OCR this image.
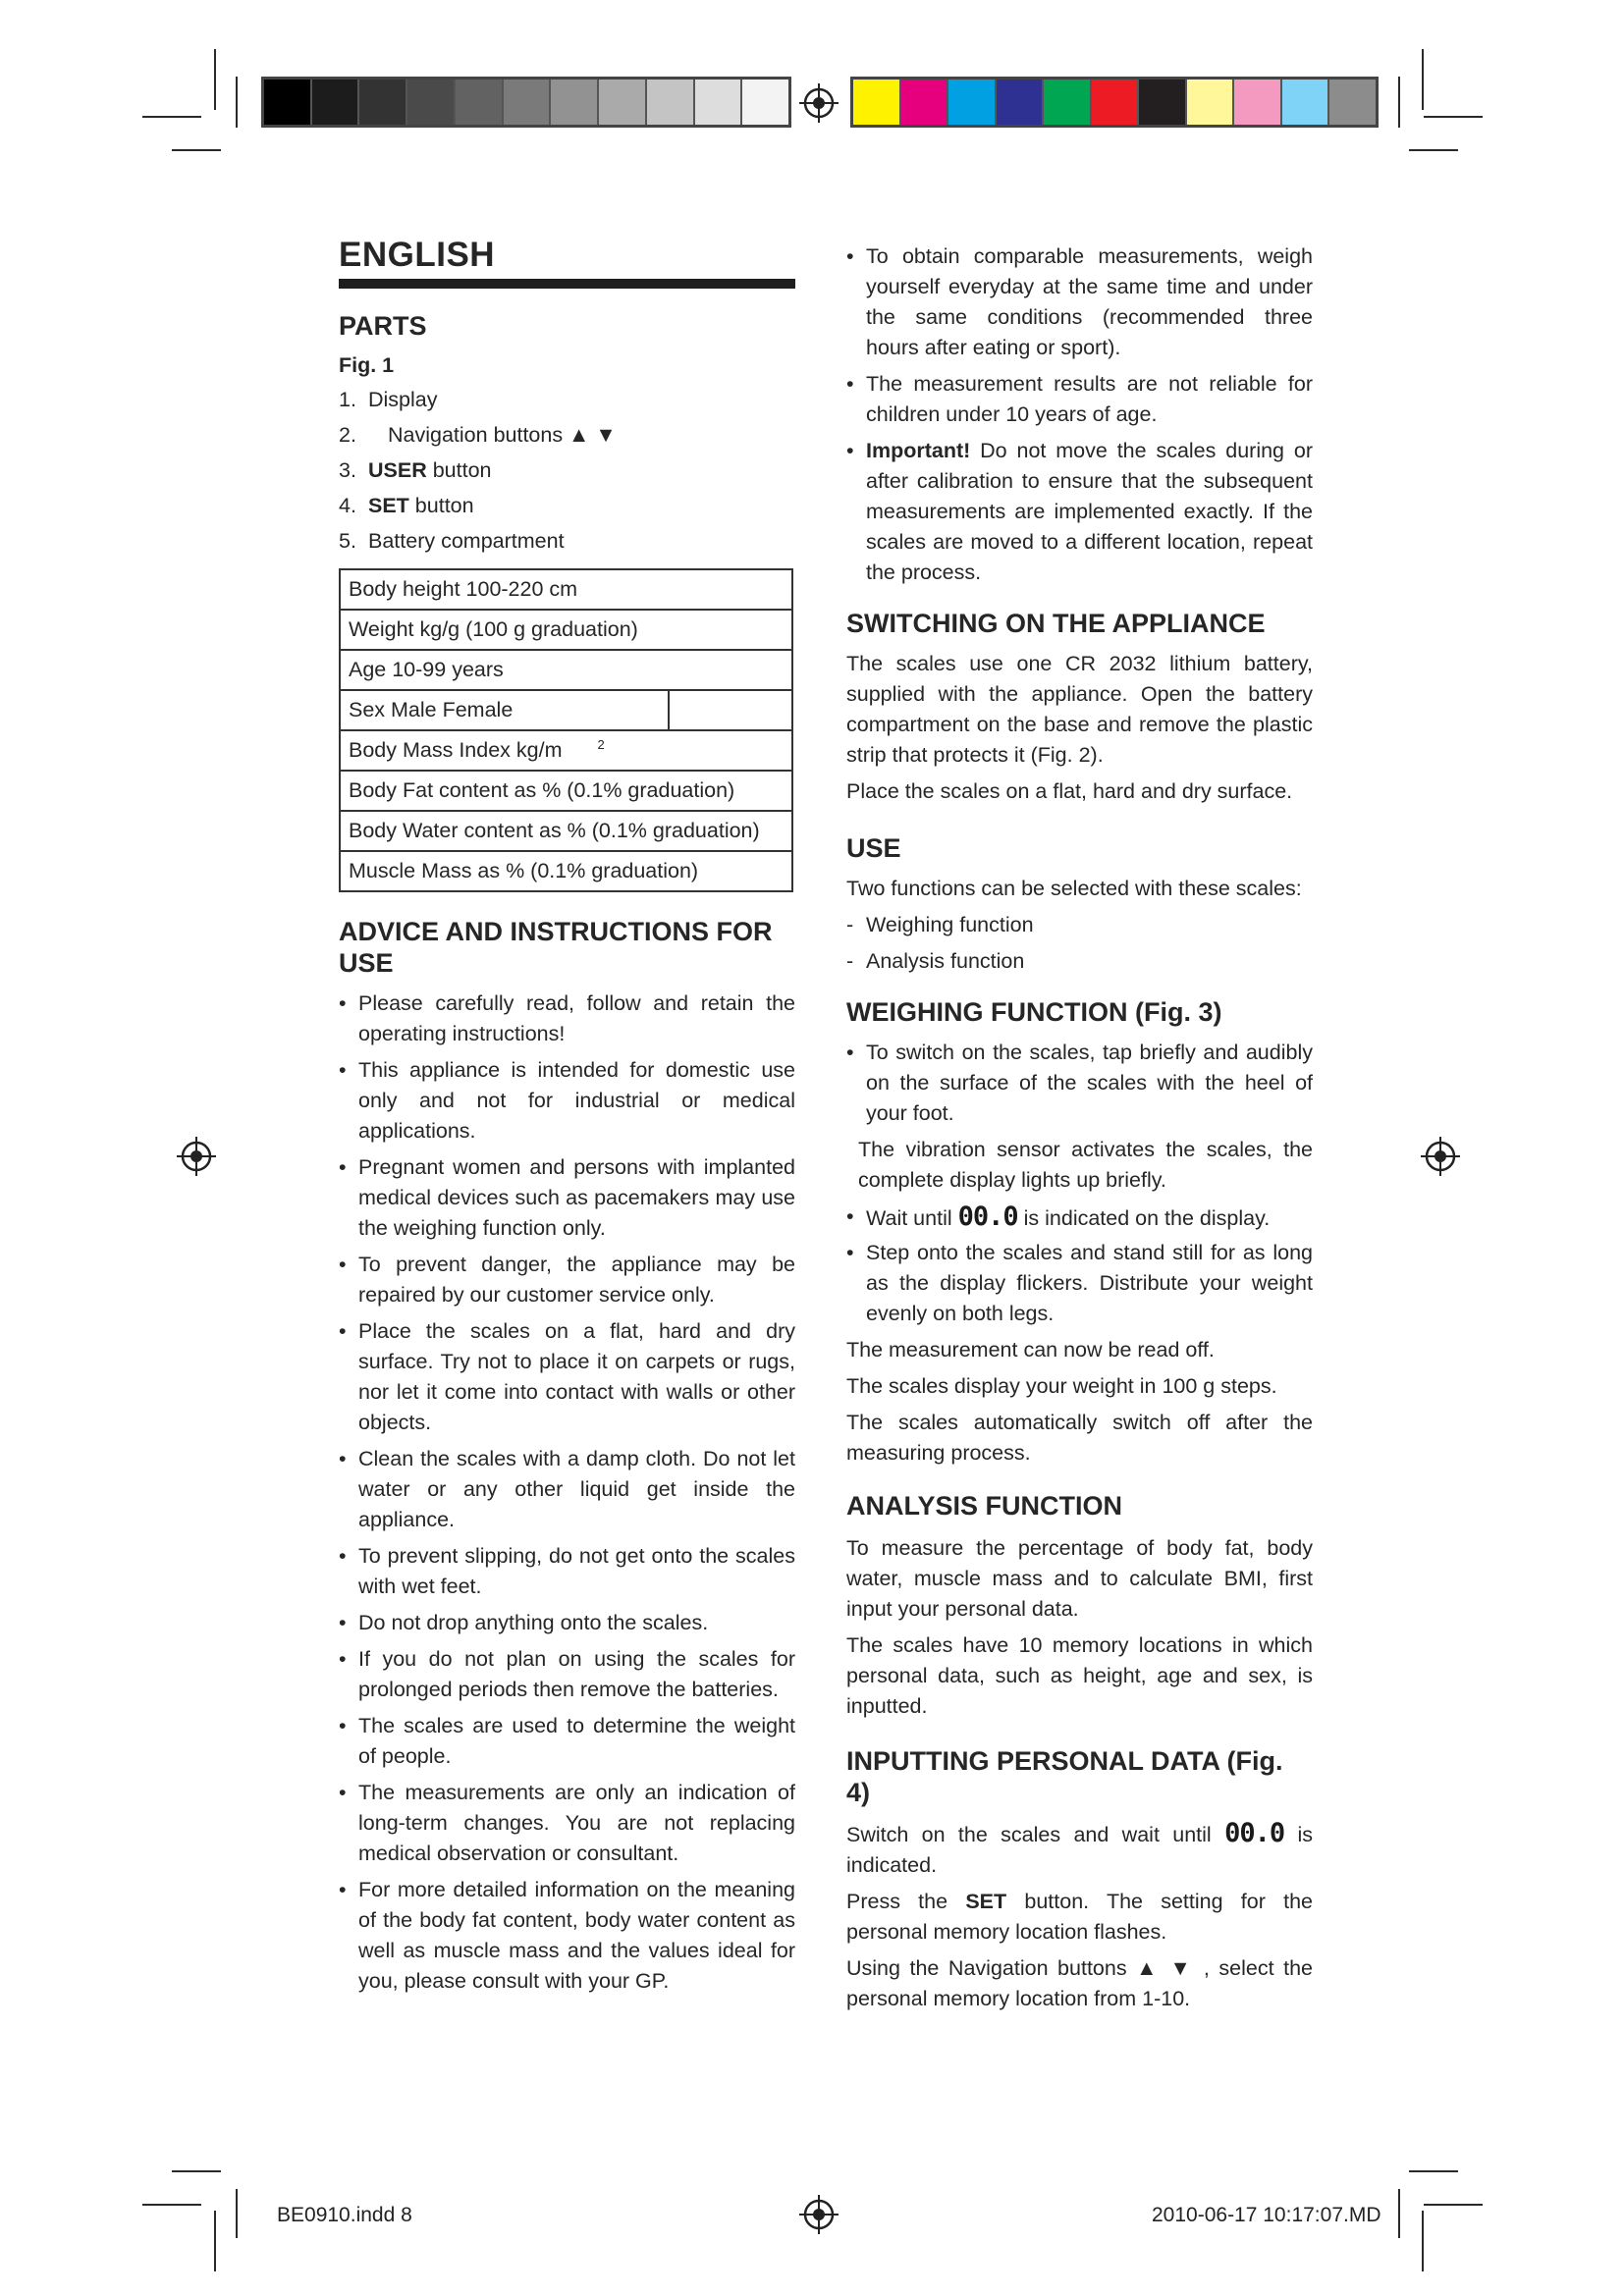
ENGLISH
PARTS
Fig. 1
1. Display
2. Navigation buttons ▲ ▼
3. USER button
4. SET button
5. Battery compartment
Body height 100-220 cm
Weight kg/g (100 g graduation)
Age 10-99 years
Sex Male Female	
Body Mass Index kg/m	$^2$
Body Fat content as % (0.1% graduation)
Body Water content as % (0.1% graduation)
Muscle Mass as % (0.1% graduation)
ADVICE AND INSTRUCTIONS FOR USE
• Please carefully read, follow and retain the operating instructions!
• This appliance is intended for domestic use only and not for industrial or medical applications.
• Pregnant women and persons with implanted medical devices such as pacemakers may use the weighing function only.
• To prevent danger, the appliance may be repaired by our customer service only.
• Place the scales on a flat, hard and dry surface. Try not to place it on carpets or rugs, nor let it come into contact with walls or other objects.
• Clean the scales with a damp cloth. Do not let water or any other liquid get inside the appliance.
• To prevent slipping, do not get onto the scales with wet feet.
• Do not drop anything onto the scales.
• If you do not plan on using the scales for prolonged periods then remove the batteries.
• The scales are used to determine the weight of people.
• The measurements are only an indication of long-term changes. You are not replacing medical observation or consultant.
• For more detailed information on the meaning of the body fat content, body water content as well as muscle mass and the values ideal for you, please consult with your GP.
• To obtain comparable measurements, weigh yourself everyday at the same time and under the same conditions (recommended three hours after eating or sport).
• The measurement results are not reliable for children under 10 years of age.
• Important! Do not move the scales during or after calibration to ensure that the subsequent measurements are implemented exactly. If the scales are moved to a different location, repeat the process.
SWITCHING ON THE APPLIANCE

The scales use one CR 2032 lithium battery, supplied with the appliance. Open the battery compartment on the base and remove the plastic strip that protects it (Fig. 2).

Place the scales on a flat, hard and dry surface.

USE

Two functions can be selected with these scales:

- Weighing function
- Analysis function
WEIGHING FUNCTION (Fig. 3)
• To switch on the scales, tap briefly and audibly on the surface of the scales with the heel of your foot.

The vibration sensor activates the scales, the complete display lights up briefly.

• Wait until 00.0 is indicated on the display.
• Step onto the scales and stand still for as long as the display flickers. Distribute your weight evenly on both legs.

The measurement can now be read off.

The scales display your weight in 100 g steps.

The scales automatically switch off after the measuring process.

ANALYSIS FUNCTION

To measure the percentage of body fat, body water, muscle mass and to calculate BMI, first input your personal data.

The scales have 10 memory locations in which personal data, such as height, age and sex, is inputted.

INPUTTING PERSONAL DATA (Fig. 4)

Switch on the scales and wait until 00.0 is indicated.

Press the SET button. The setting for the personal memory location flashes.

Using the Navigation buttons ▲ ▼ , select the personal memory location from 1-10.

BE0910.indd 8	2010-06-17 10:17:07.MD
